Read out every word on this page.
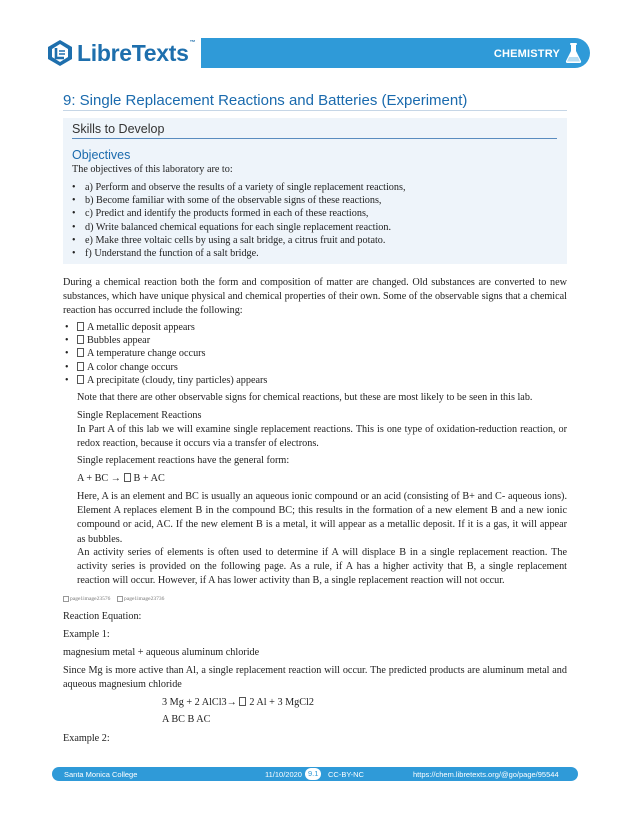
CHEMISTRY
LibreTexts™
9: Single Replacement Reactions and Batteries (Experiment)
Skills to Develop
Objectives
The objectives of this laboratory are to:
• a) Perform and observe the results of a variety of single replacement reactions,
• b) Become familiar with some of the observable signs of these reactions,
• c) Predict and identify the products formed in each of these reactions,
• d) Write balanced chemical equations for each single replacement reaction.
• e) Make three voltaic cells by using a salt bridge, a citrus fruit and potato.
• f) Understand the function of a salt bridge.
During a chemical reaction both the form and composition of matter are changed. Old substances are converted to new substances, which have unique physical and chemical properties of their own. Some of the observable signs that a chemical reaction has occurred include the following:
• A metallic deposit appears
• Bubbles appear
• A temperature change occurs
• A color change occurs
• A precipitate (cloudy, tiny particles) appears
Note that there are other observable signs for chemical reactions, but these are most likely to be seen in this lab.
Single Replacement Reactions
In Part A of this lab we will examine single replacement reactions. This is one type of oxidation-reduction reaction, or redox reaction, because it occurs via a transfer of electrons.
Single replacement reactions have the general form:
A + BC → B + AC
Here, A is an element and BC is usually an aqueous ionic compound or an acid (consisting of B+ and C- aqueous ions). Element A replaces element B in the compound BC; this results in the formation of a new element B and a new ionic compound or acid, AC. If the new element B is a metal, it will appear as a metallic deposit. If it is a gas, it will appear as bubbles.
An activity series of elements is often used to determine if A will displace B in a single replacement reaction. The activity series is provided on the following page. As a rule, if A has a higher activity that B, a single replacement reaction will occur. However, if A has lower activity than B, a single replacement reaction will not occur.
page1image23576 page1image23736
Reaction Equation:
Example 1:
magnesium metal + aqueous aluminum chloride
Since Mg is more active than Al, a single replacement reaction will occur. The predicted products are aluminum metal and aqueous magnesium chloride
3 Mg + 2 AlCl3→ 2 Al + 3 MgCl2
A BC B AC
Example 2:
Santa Monica College	11/10/2020 9.1	CC-BY-NC	https://chem.libretexts.org/@go/page/95544
